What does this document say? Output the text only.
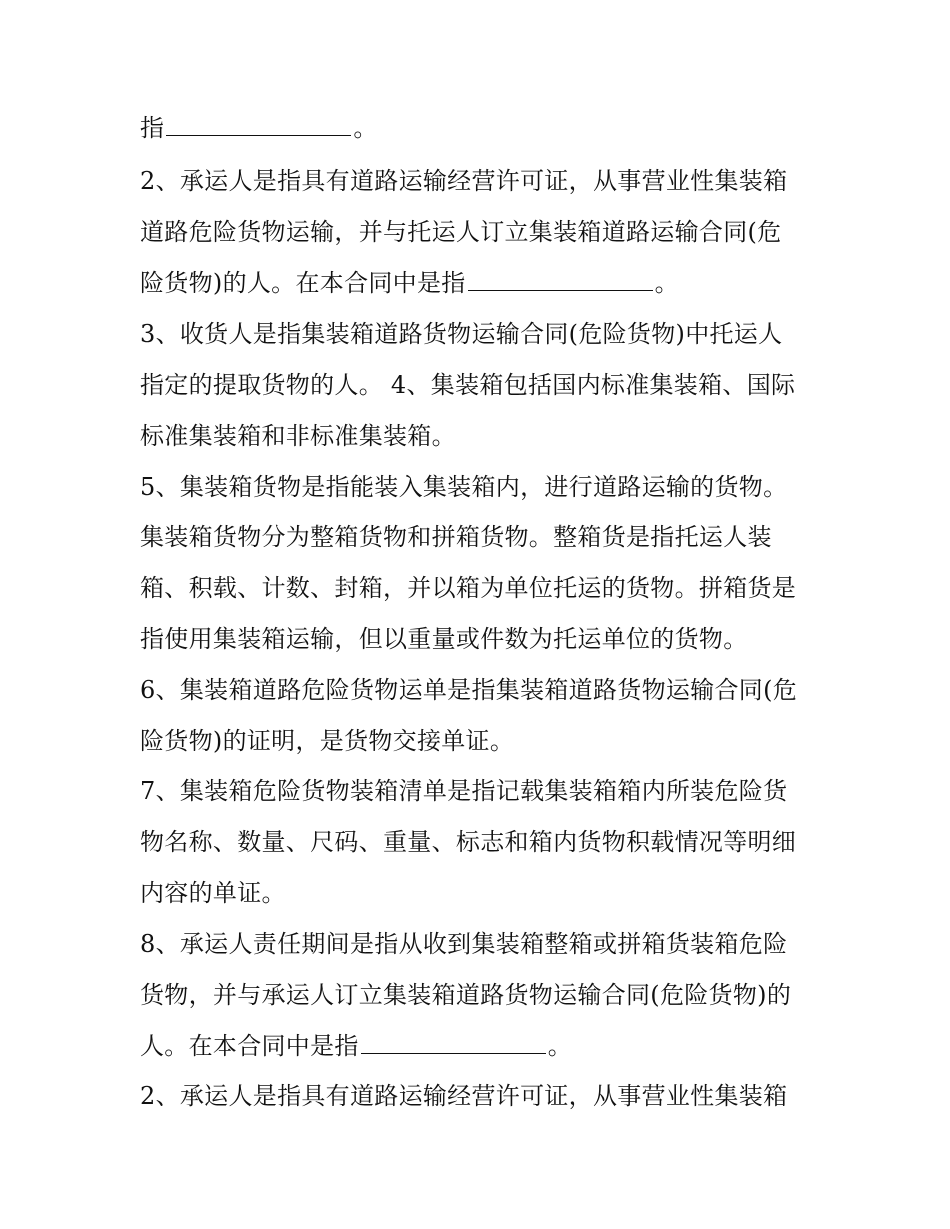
指	。
2、承运人是指具有道路运输经营许可证，从事营业性集装箱
道路危险货物运输，并与托运人订立集装箱道路运输合同(危
险货物)的人。在本合同中是指	。
3、收货人是指集装箱道路货物运输合同(危险货物)中托运人
指定的提取货物的人。 4、集装箱包括国内标准集装箱、国际
标准集装箱和非标准集装箱。
5、集装箱货物是指能装入集装箱内，进行道路运输的货物。
集装箱货物分为整箱货物和拼箱货物。整箱货是指托运人装
箱、积载、计数、封箱，并以箱为单位托运的货物。拼箱货是
指使用集装箱运输，但以重量或件数为托运单位的货物。
6、集装箱道路危险货物运单是指集装箱道路货物运输合同(危
险货物)的证明，是货物交接单证。
7、集装箱危险货物装箱清单是指记载集装箱箱内所装危险货
物名称、数量、尺码、重量、标志和箱内货物积载情况等明细
内容的单证。
8、承运人责任期间是指从收到集装箱整箱或拼箱货装箱危险
货物，并与承运人订立集装箱道路货物运输合同(危险货物)的
人。在本合同中是指	。
2、承运人是指具有道路运输经营许可证，从事营业性集装箱
